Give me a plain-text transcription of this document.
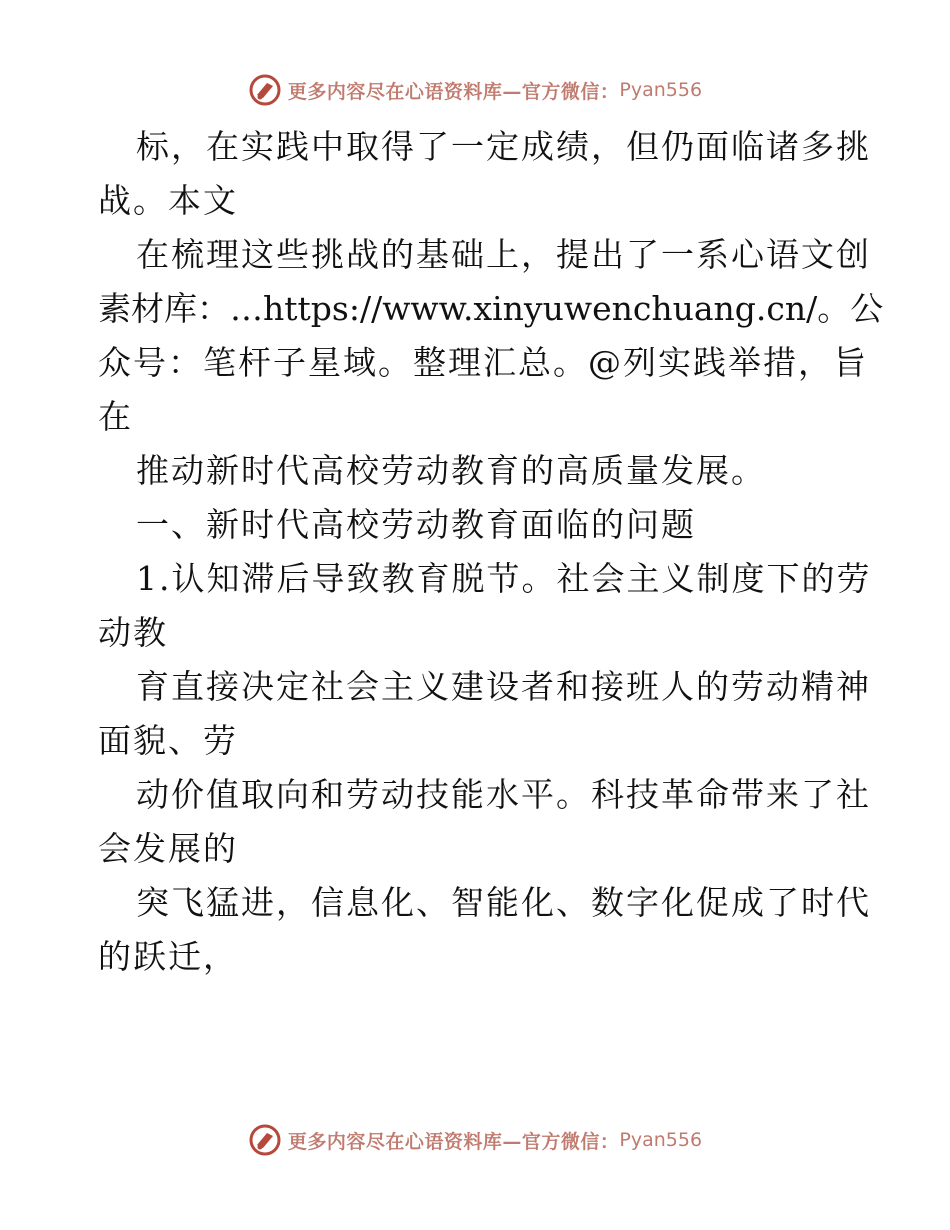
更多内容尽在心语资料库—官方微信： Pyan556
标，在实践中取得了一定成绩，但仍面临诸多挑
战。本文
在梳理这些挑战的基础上，提出了一系心语文创
素材库：…https://www.xinyuwenchuang.cn/。公
众号：笔杆子星域。整理汇总。@列实践举措，旨
在
推动新时代高校劳动教育的高质量发展。
一、新时代高校劳动教育面临的问题
1.认知滞后导致教育脱节。社会主义制度下的劳
动教
育直接决定社会主义建设者和接班人的劳动精神
面貌、劳
动价值取向和劳动技能水平。科技革命带来了社
会发展的
突飞猛进，信息化、智能化、数字化促成了时代
的跃迁，
更多内容尽在心语资料库—官方微信： Pyan556
